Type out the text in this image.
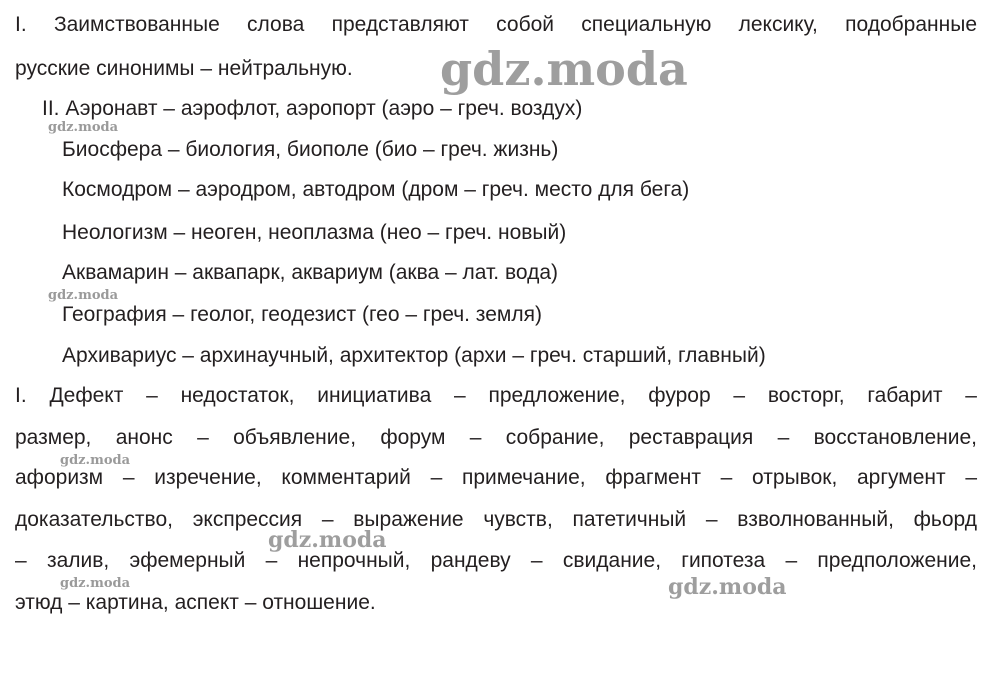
I. Заимствованные слова представляют собой специальную лексику, подобранные
русские синонимы – нейтральную.
II. Аэронавт – аэрофлот, аэропорт (аэро – греч. воздух)
Биосфера – биология, биополе (био – греч. жизнь)
Космодром – аэродром, автодром (дром – греч. место для бега)
Неологизм – неоген, неоплазма (нео – греч. новый)
Аквамарин – аквапарк, аквариум (аква – лат. вода)
География – геолог, геодезист (гео – греч. земля)
Архивариус – архинаучный, архитектор (архи – греч. старший, главный)
I. Дефект – недостаток, инициатива – предложение, фурор – восторг, габарит –
размер, анонс – объявление, форум – собрание, реставрация – восстановление,
афоризм – изречение, комментарий – примечание, фрагмент – отрывок, аргумент –
доказательство, экспрессия – выражение чувств, патетичный – взволнованный, фьорд
– залив, эфемерный – непрочный, рандеву – свидание, гипотеза – предположение,
этюд – картина, аспект – отношение.
gdz.moda
gdz.moda
gdz.moda
gdz.moda
gdz.moda
gdz.moda	gdz.moda
